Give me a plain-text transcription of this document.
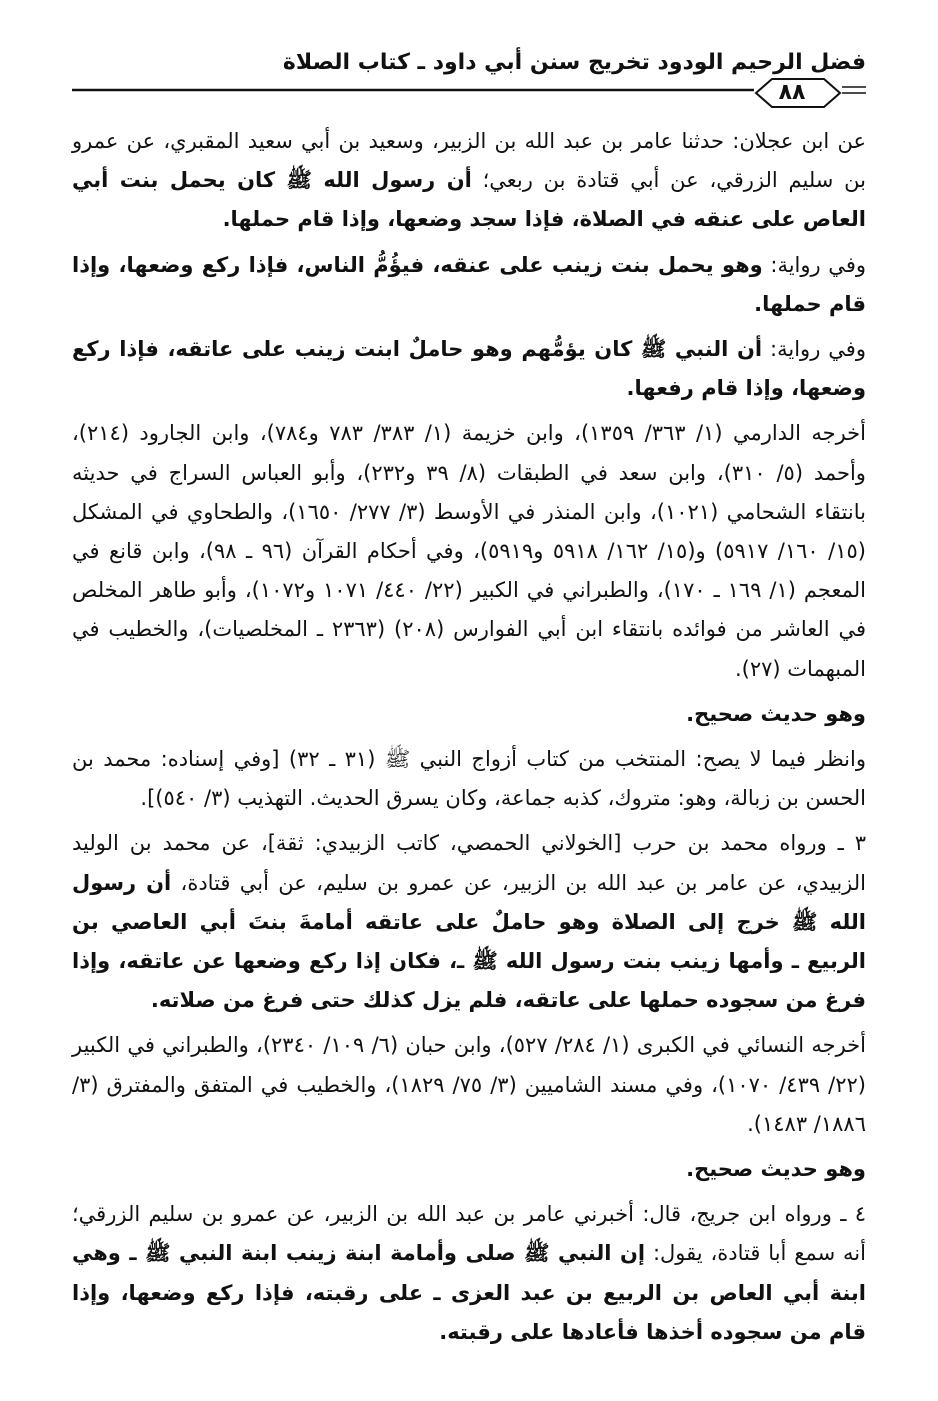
فضل الرحيم الودود تخريج سنن أبي داود ـ كتاب الصلاة
٨٨

عن ابن عجلان: حدثنا عامر بن عبد الله بن الزبير، وسعيد بن أبي سعيد المقبري، عن عمرو بن سليم الزرقي، عن أبي قتادة بن ربعي؛ أن رسول الله ﷺ كان يحمل بنت أبي العاص على عنقه في الصلاة، فإذا سجد وضعها، وإذا قام حملها.

وفي رواية: وهو يحمل بنت زينب على عنقه، فيؤُمُّ الناس، فإذا ركع وضعها، وإذا قام حملها.

وفي رواية: أن النبي ﷺ كان يؤمُّهم وهو حاملٌ ابنت زينب على عاتقه، فإذا ركع وضعها، وإذا قام رفعها.

أخرجه الدارمي (١/ ٣٦٣/ ١٣٥٩)، وابن خزيمة (١/ ٣٨٣/ ٧٨٣ و٧٨٤)، وابن الجارود (٢١٤)، وأحمد (٥/ ٣١٠)، وابن سعد في الطبقات (٨/ ٣٩ و٢٣٢)، وأبو العباس السراج في حديثه بانتقاء الشحامي (١٠٢١)، وابن المنذر في الأوسط (٣/ ٢٧٧/ ١٦٥٠)، والطحاوي في المشكل (١٥/ ١٦٠/ ٥٩١٧) و(١٥/ ١٦٢/ ٥٩١٨ و٥٩١٩)، وفي أحكام القرآن (٩٦ ـ ٩٨)، وابن قانع في المعجم (١/ ١٦٩ ـ ١٧٠)، والطبراني في الكبير (٢٢/ ٤٤٠/ ١٠٧١ و١٠٧٢)، وأبو طاهر المخلص في العاشر من فوائده بانتقاء ابن أبي الفوارس (٢٠٨) (٢٣٦٣ ـ المخلصيات)، والخطيب في المبهمات (٢٧).

وهو حديث صحيح.

وانظر فيما لا يصح: المنتخب من كتاب أزواج النبي ﷺ (٣١ ـ ٣٢) [وفي إسناده: محمد بن الحسن بن زبالة، وهو: متروك، كذبه جماعة، وكان يسرق الحديث. التهذيب (٣/ ٥٤٠)].

٣ ـ ورواه محمد بن حرب [الخولاني الحمصي، كاتب الزبيدي: ثقة]، عن محمد بن الوليد الزبيدي، عن عامر بن عبد الله بن الزبير، عن عمرو بن سليم، عن أبي قتادة، أن رسول الله ﷺ خرج إلى الصلاة وهو حاملٌ على عاتقه أمامةَ بنتَ أبي العاصي بن الربيع ـ وأمها زينب بنت رسول الله ﷺ ـ، فكان إذا ركع وضعها عن عاتقه، وإذا فرغ من سجوده حملها على عاتقه، فلم يزل كذلك حتى فرغ من صلاته.

أخرجه النسائي في الكبرى (١/ ٢٨٤/ ٥٢٧)، وابن حبان (٦/ ١٠٩/ ٢٣٤٠)، والطبراني في الكبير (٢٢/ ٤٣٩/ ١٠٧٠)، وفي مسند الشاميين (٣/ ٧٥/ ١٨٢٩)، والخطيب في المتفق والمفترق (٣/ ١٨٨٦/ ١٤٨٣).

وهو حديث صحيح.

٤ ـ ورواه ابن جريج، قال: أخبرني عامر بن عبد الله بن الزبير، عن عمرو بن سليم الزرقي؛ أنه سمع أبا قتادة، يقول: إن النبي ﷺ صلى وأمامة ابنة زينب ابنة النبي ﷺ ـ وهي ابنة أبي العاص بن الربيع بن عبد العزى ـ على رقبته، فإذا ركع وضعها، وإذا قام من سجوده أخذها فأعادها على رقبته.
